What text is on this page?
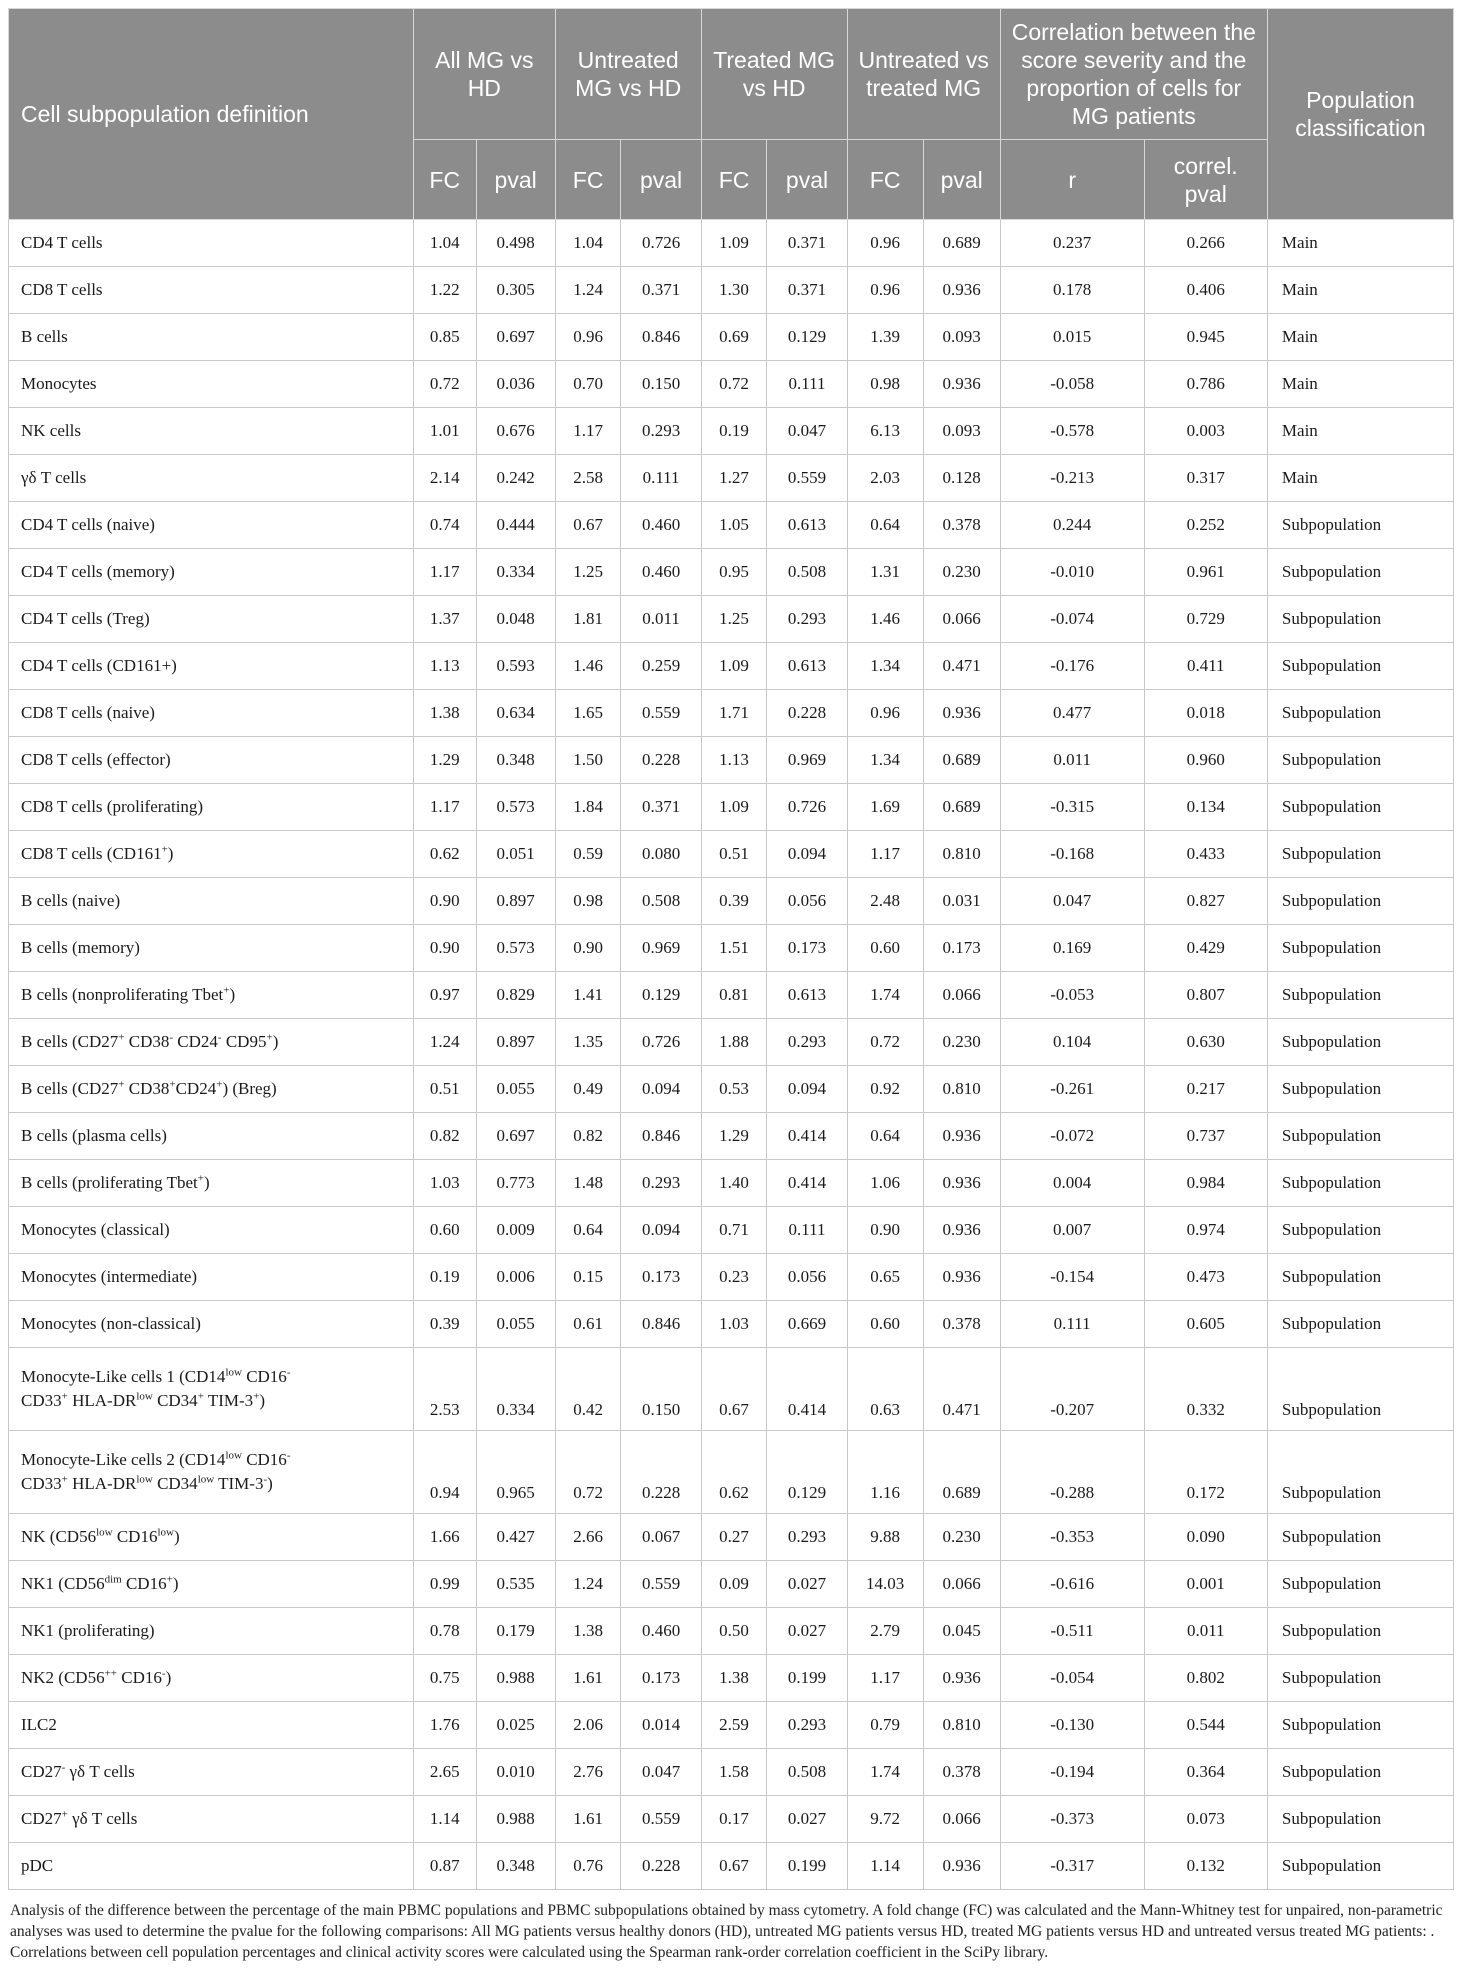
Cell subpopulation definition	All MG vs HD		Untreated MG vs HD		Treated MG vs HD		Untreated vs treated MG		Correlation between the score severity and the proportion of cells for MG patients		Population classification
	FC	pval	FC	pval	FC	pval	FC	pval	r	correl. pval	
CD4 T cells	1.04	0.498	1.04	0.726	1.09	0.371	0.96	0.689	0.237	0.266	Main
CD8 T cells	1.22	0.305	1.24	0.371	1.30	0.371	0.96	0.936	0.178	0.406	Main
B cells	0.85	0.697	0.96	0.846	0.69	0.129	1.39	0.093	0.015	0.945	Main
Monocytes	0.72	0.036	0.70	0.150	0.72	0.111	0.98	0.936	-0.058	0.786	Main
NK cells	1.01	0.676	1.17	0.293	0.19	0.047	6.13	0.093	-0.578	0.003	Main
γδ T cells	2.14	0.242	2.58	0.111	1.27	0.559	2.03	0.128	-0.213	0.317	Main
CD4 T cells (naive)	0.74	0.444	0.67	0.460	1.05	0.613	0.64	0.378	0.244	0.252	Subpopulation
CD4 T cells (memory)	1.17	0.334	1.25	0.460	0.95	0.508	1.31	0.230	-0.010	0.961	Subpopulation
CD4 T cells (Treg)	1.37	0.048	1.81	0.011	1.25	0.293	1.46	0.066	-0.074	0.729	Subpopulation
CD4 T cells (CD161+)	1.13	0.593	1.46	0.259	1.09	0.613	1.34	0.471	-0.176	0.411	Subpopulation
CD8 T cells (naive)	1.38	0.634	1.65	0.559	1.71	0.228	0.96	0.936	0.477	0.018	Subpopulation
CD8 T cells (effector)	1.29	0.348	1.50	0.228	1.13	0.969	1.34	0.689	0.011	0.960	Subpopulation
CD8 T cells (proliferating)	1.17	0.573	1.84	0.371	1.09	0.726	1.69	0.689	-0.315	0.134	Subpopulation
CD8 T cells (CD161+)	0.62	0.051	0.59	0.080	0.51	0.094	1.17	0.810	-0.168	0.433	Subpopulation
B cells (naive)	0.90	0.897	0.98	0.508	0.39	0.056	2.48	0.031	0.047	0.827	Subpopulation
B cells (memory)	0.90	0.573	0.90	0.969	1.51	0.173	0.60	0.173	0.169	0.429	Subpopulation
B cells (nonproliferating Tbet+)	0.97	0.829	1.41	0.129	0.81	0.613	1.74	0.066	-0.053	0.807	Subpopulation
B cells (CD27+ CD38- CD24- CD95+)	1.24	0.897	1.35	0.726	1.88	0.293	0.72	0.230	0.104	0.630	Subpopulation
B cells (CD27+ CD38+CD24+) (Breg)	0.51	0.055	0.49	0.094	0.53	0.094	0.92	0.810	-0.261	0.217	Subpopulation
B cells (plasma cells)	0.82	0.697	0.82	0.846	1.29	0.414	0.64	0.936	-0.072	0.737	Subpopulation
B cells (proliferating Tbet+)	1.03	0.773	1.48	0.293	1.40	0.414	1.06	0.936	0.004	0.984	Subpopulation
Monocytes (classical)	0.60	0.009	0.64	0.094	0.71	0.111	0.90	0.936	0.007	0.974	Subpopulation
Monocytes (intermediate)	0.19	0.006	0.15	0.173	0.23	0.056	0.65	0.936	-0.154	0.473	Subpopulation
Monocytes (non-classical)	0.39	0.055	0.61	0.846	1.03	0.669	0.60	0.378	0.111	0.605	Subpopulation
Monocyte-Like cells 1 ($CD14^{low}$ CD16-
CD33+ HLA-$DR^{low}$ CD34+ TIM-3+)	2.53	0.334	0.42	0.150	0.67	0.414	0.63	0.471	-0.207	0.332	Subpopulation
Monocyte-Like cells 2 ($CD14^{low}$ CD16-
CD33+ HLA-$DR^{low}$ $CD34^{low}$ TIM-3-)	0.94	0.965	0.72	0.228	0.62	0.129	1.16	0.689	-0.288	0.172	Subpopulation
NK ($CD56^{low}$ $CD16^{low}$)	1.66	0.427	2.66	0.067	0.27	0.293	9.88	0.230	-0.353	0.090	Subpopulation
NK1 ($CD56^{dim}$ CD16+)	0.99	0.535	1.24	0.559	0.09	0.027	14.03	0.066	-0.616	0.001	Subpopulation
NK1 (proliferating)	0.78	0.179	1.38	0.460	0.50	0.027	2.79	0.045	-0.511	0.011	Subpopulation
NK2 (CD56++ CD16-)	0.75	0.988	1.61	0.173	1.38	0.199	1.17	0.936	-0.054	0.802	Subpopulation
ILC2	1.76	0.025	2.06	0.014	2.59	0.293	0.79	0.810	-0.130	0.544	Subpopulation
CD27- γδ T cells	2.65	0.010	2.76	0.047	1.58	0.508	1.74	0.378	-0.194	0.364	Subpopulation
CD27+ γδ T cells	1.14	0.988	1.61	0.559	0.17	0.027	9.72	0.066	-0.373	0.073	Subpopulation
pDC	0.87	0.348	0.76	0.228	0.67	0.199	1.14	0.936	-0.317	0.132	Subpopulation
Analysis of the difference between the percentage of the main PBMC populations and PBMC subpopulations obtained by mass cytometry. A fold change (FC) was calculated and the Mann-Whitney test for unpaired, non-parametric analyses was used to determine the pvalue for the following comparisons: All MG patients versus healthy donors (HD), untreated MG patients versus HD, treated MG patients versus HD and untreated versus treated MG patients: . Correlations between cell population percentages and clinical activity scores were calculated using the Spearman rank-order correlation coefficient in the SciPy library.
